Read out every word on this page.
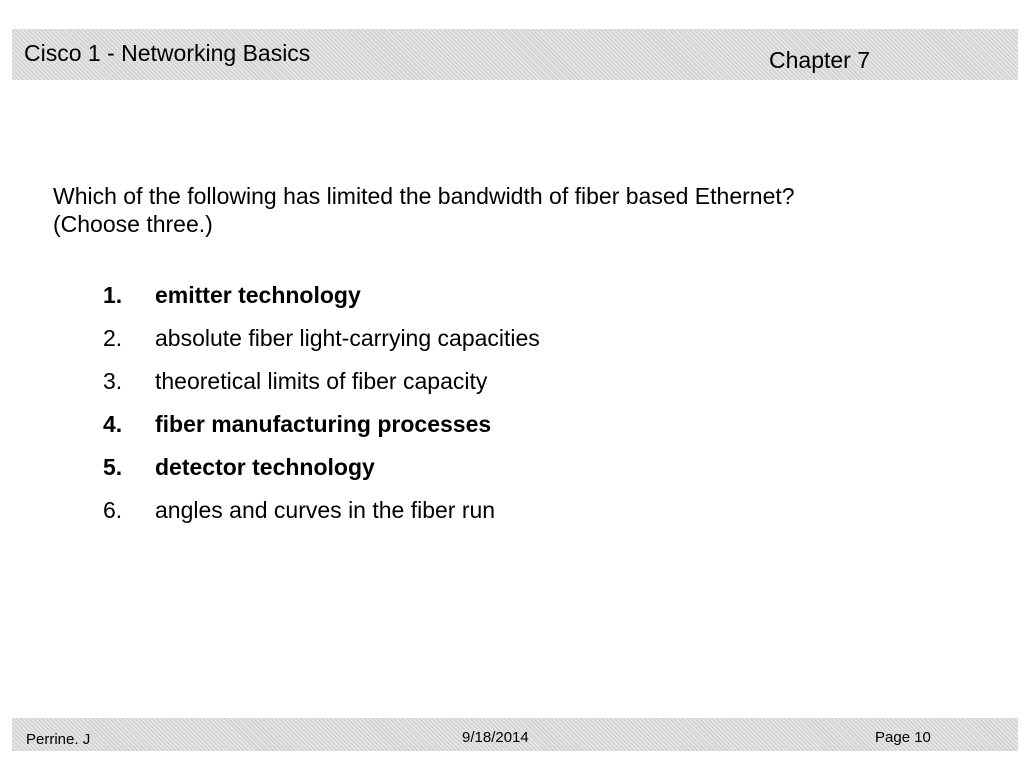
Cisco 1 - Networking Basics	Chapter 7
Which of the following has limited the bandwidth of fiber based Ethernet?
(Choose three.)
1. emitter technology
2. absolute fiber light-carrying capacities
3. theoretical limits of fiber capacity
4. fiber manufacturing processes
5. detector technology
6. angles and curves in the fiber run
Perrine. J	9/18/2014	Page 10
